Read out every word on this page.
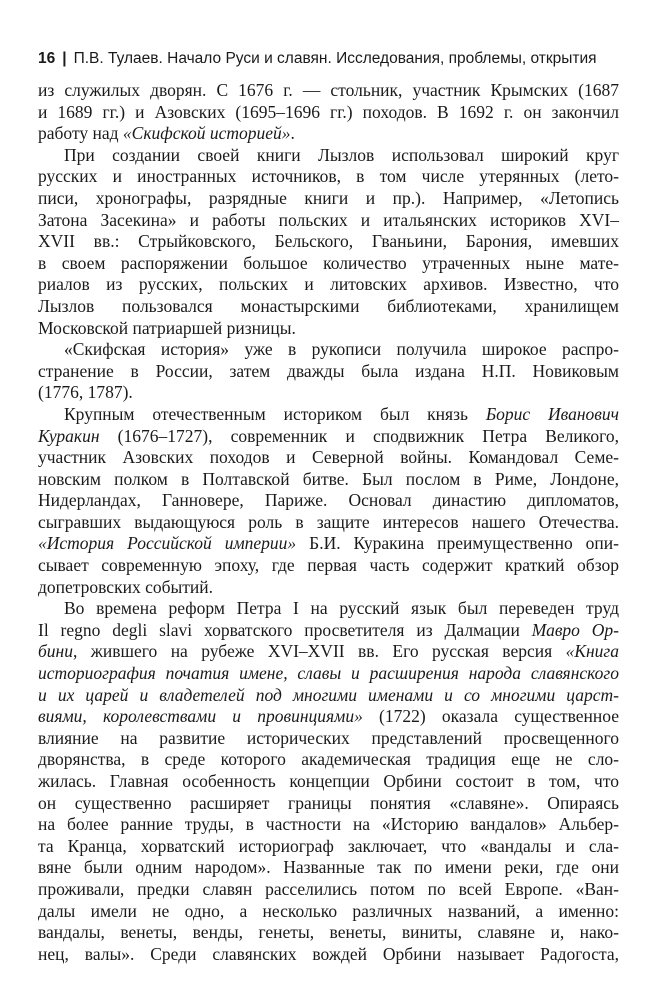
16 | П.В. Тулаев. Начало Руси и славян. Исследования, проблемы, открытия
из служилых дворян. С 1676 г. — стольник, участник Крымских (1687
и 1689 гг.) и Азовских (1695–1696 гг.) походов. В 1692 г. он закончил
работу над «Скифской историей».
При создании своей книги Лызлов использовал широкий круг
русских и иностранных источников, в том числе утерянных (лето-
писи, хронографы, разрядные книги и пр.). Например, «Летопись
Затона Засекина» и работы польских и итальянских историков XVI–
XVII вв.: Стрыйковского, Бельского, Гваньини, Барония, имевших
в своем распоряжении большое количество утраченных ныне мате-
риалов из русских, польских и литовских архивов. Известно, что
Лызлов пользовался монастырскими библиотеками, хранилищем
Московской патриаршей ризницы.
«Скифская история» уже в рукописи получила широкое распро-
странение в России, затем дважды была издана Н.П. Новиковым
(1776, 1787).
Крупным отечественным историком был князь Борис Иванович
Куракин (1676–1727), современник и сподвижник Петра Великого,
участник Азовских походов и Северной войны. Командовал Семе-
новским полком в Полтавской битве. Был послом в Риме, Лондоне,
Нидерландах, Ганновере, Париже. Основал династию дипломатов,
сыгравших выдающуюся роль в защите интересов нашего Отечества.
«История Российской империи» Б.И. Куракина преимущественно опи-
сывает современную эпоху, где первая часть содержит краткий обзор
допетровских событий.
Во времена реформ Петра I на русский язык был переведен труд
Il regno degli slavi хорватского просветителя из Далмации Мавро Ор-
бини, жившего на рубеже XVI–XVII вв. Его русская версия «Книга
историография початия имене, славы и расширения народа славянского
и их царей и владетелей под многими именами и со многими царст-
виями, королевствами и провинциями» (1722) оказала существенное
влияние на развитие исторических представлений просвещенного
дворянства, в среде которого академическая традиция еще не сло-
жилась. Главная особенность концепции Орбини состоит в том, что
он существенно расширяет границы понятия «славяне». Опираясь
на более ранние труды, в частности на «Историю вандалов» Альбер-
та Кранца, хорватский историограф заключает, что «вандалы и сла-
вяне были одним народом». Названные так по имени реки, где они
проживали, предки славян расселились потом по всей Европе. «Ван-
далы имели не одно, а несколько различных названий, а именно:
вандалы, венеты, венды, генеты, венеты, виниты, славяне и, нако-
нец, валы». Среди славянских вождей Орбини называет Радогоста,
